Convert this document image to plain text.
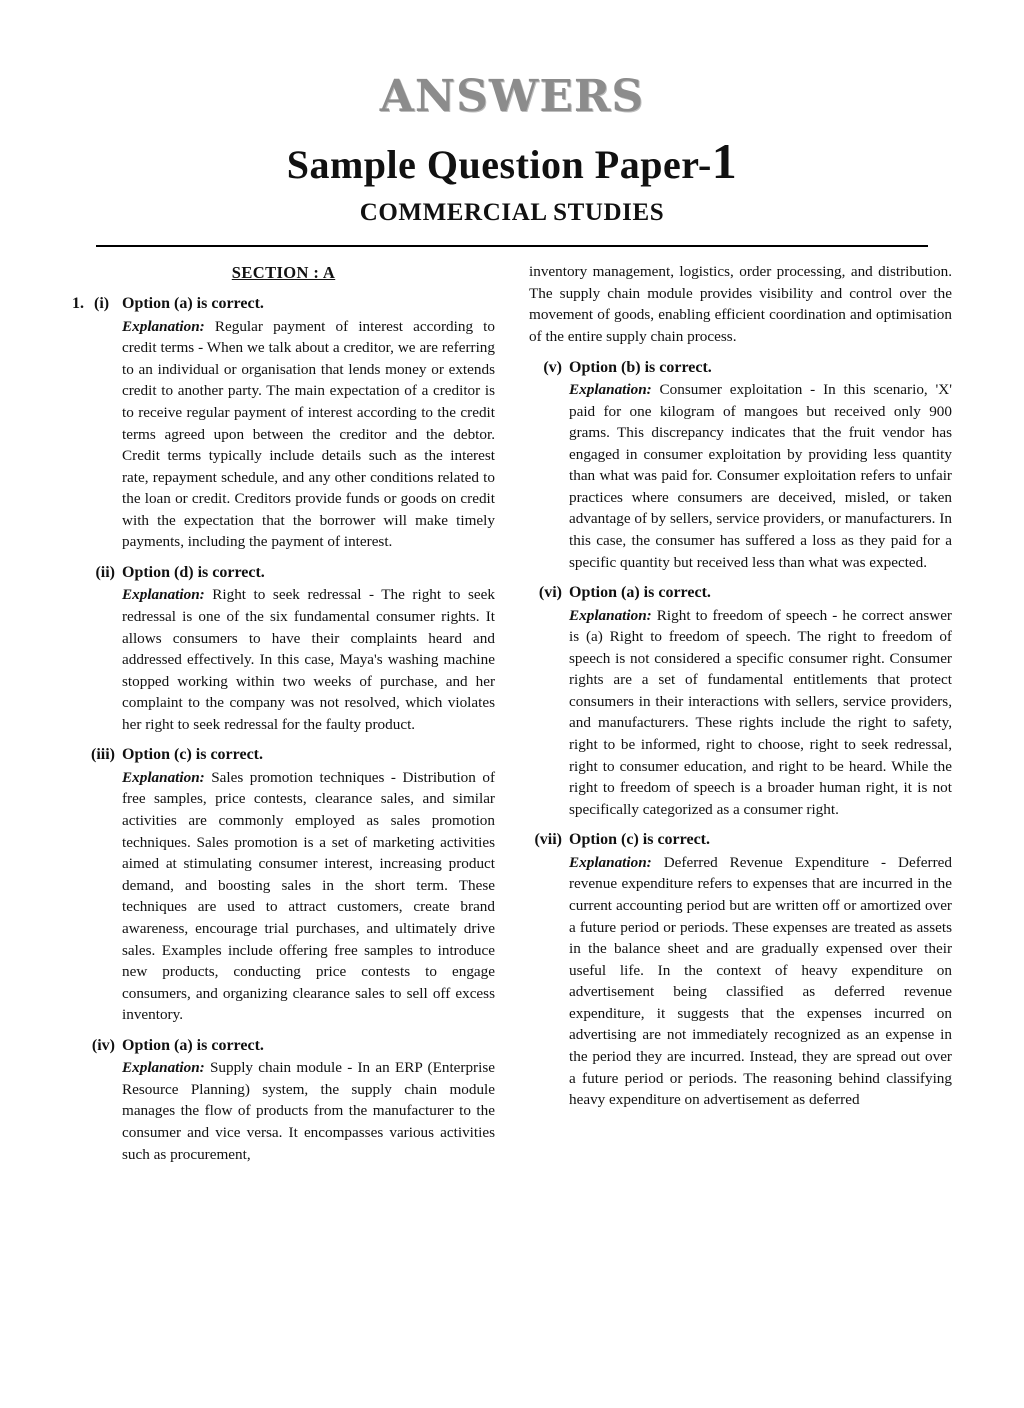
ANSWERS
Sample Question Paper-1
COMMERCIAL STUDIES
SECTION : A
1. (i) Option (a) is correct.
Explanation: Regular payment of interest according to credit terms - When we talk about a creditor, we are referring to an individual or organisation that lends money or extends credit to another party. The main expectation of a creditor is to receive regular payment of interest according to the credit terms agreed upon between the creditor and the debtor. Credit terms typically include details such as the interest rate, repayment schedule, and any other conditions related to the loan or credit. Creditors provide funds or goods on credit with the expectation that the borrower will make timely payments, including the payment of interest.
(ii) Option (d) is correct.
Explanation: Right to seek redressal - The right to seek redressal is one of the six fundamental consumer rights. It allows consumers to have their complaints heard and addressed effectively. In this case, Maya's washing machine stopped working within two weeks of purchase, and her complaint to the company was not resolved, which violates her right to seek redressal for the faulty product.
(iii) Option (c) is correct.
Explanation: Sales promotion techniques - Distribution of free samples, price contests, clearance sales, and similar activities are commonly employed as sales promotion techniques. Sales promotion is a set of marketing activities aimed at stimulating consumer interest, increasing product demand, and boosting sales in the short term. These techniques are used to attract customers, create brand awareness, encourage trial purchases, and ultimately drive sales. Examples include offering free samples to introduce new products, conducting price contests to engage consumers, and organizing clearance sales to sell off excess inventory.
(iv) Option (a) is correct.
Explanation: Supply chain module - In an ERP (Enterprise Resource Planning) system, the supply chain module manages the flow of products from the manufacturer to the consumer and vice versa. It encompasses various activities such as procurement,
inventory management, logistics, order processing, and distribution. The supply chain module provides visibility and control over the movement of goods, enabling efficient coordination and optimisation of the entire supply chain process.
(v) Option (b) is correct.
Explanation: Consumer exploitation - In this scenario, 'X' paid for one kilogram of mangoes but received only 900 grams. This discrepancy indicates that the fruit vendor has engaged in consumer exploitation by providing less quantity than what was paid for. Consumer exploitation refers to unfair practices where consumers are deceived, misled, or taken advantage of by sellers, service providers, or manufacturers. In this case, the consumer has suffered a loss as they paid for a specific quantity but received less than what was expected.
(vi) Option (a) is correct.
Explanation: Right to freedom of speech - he correct answer is (a) Right to freedom of speech. The right to freedom of speech is not considered a specific consumer right. Consumer rights are a set of fundamental entitlements that protect consumers in their interactions with sellers, service providers, and manufacturers. These rights include the right to safety, right to be informed, right to choose, right to seek redressal, right to consumer education, and right to be heard. While the right to freedom of speech is a broader human right, it is not specifically categorized as a consumer right.
(vii) Option (c) is correct.
Explanation: Deferred Revenue Expenditure - Deferred revenue expenditure refers to expenses that are incurred in the current accounting period but are written off or amortized over a future period or periods. These expenses are treated as assets in the balance sheet and are gradually expensed over their useful life. In the context of heavy expenditure on advertisement being classified as deferred revenue expenditure, it suggests that the expenses incurred on advertising are not immediately recognized as an expense in the period they are incurred. Instead, they are spread out over a future period or periods. The reasoning behind classifying heavy expenditure on advertisement as deferred
